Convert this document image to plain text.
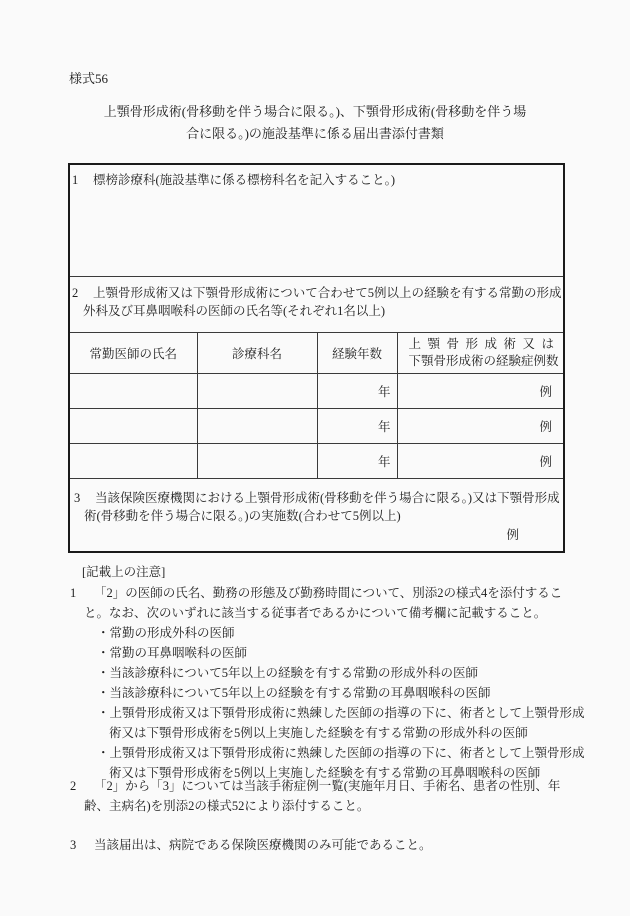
様式56
上顎骨形成術(骨移動を伴う場合に限る。)、下顎骨形成術(骨移動を伴う場
合に限る。)の施設基準に係る届出書添付書類
1 標榜診療科(施設基準に係る標榜科名を記入すること。)
2 上顎骨形成術又は下顎骨形成術について合わせて5例以上の経験を有する常勤の形成
外科及び耳鼻咽喉科の医師の氏名等(それぞれ1名以上)
常勤医師の氏名	診療科名	経験年数	上顎骨形成術又は
下顎骨形成術の経験症例数

		年	例
		年	例
		年	例
3 当該保険医療機関における上顎骨形成術(骨移動を伴う場合に限る。)又は下顎骨形成
術(骨移動を伴う場合に限る。)の実施数(合わせて5例以上)
例
[記載上の注意]
1 「2」の医師の氏名、勤務の形態及び勤務時間について、別添2の様式4を添付するこ
と。なお、次のいずれに該当する従事者であるかについて備考欄に記載すること。
・常勤の形成外科の医師
・常勤の耳鼻咽喉科の医師
・当該診療科について5年以上の経験を有する常勤の形成外科の医師
・当該診療科について5年以上の経験を有する常勤の耳鼻咽喉科の医師
・上顎骨形成術又は下顎骨形成術に熟練した医師の指導の下に、術者として上顎骨形成
術又は下顎骨形成術を5例以上実施した経験を有する常勤の形成外科の医師
・上顎骨形成術又は下顎骨形成術に熟練した医師の指導の下に、術者として上顎骨形成
術又は下顎骨形成術を5例以上実施した経験を有する常勤の耳鼻咽喉科の医師
2 「2」から「3」については当該手術症例一覧(実施年月日、手術名、患者の性別、年
齢、主病名)を別添2の様式52により添付すること。
3 当該届出は、病院である保険医療機関のみ可能であること。
